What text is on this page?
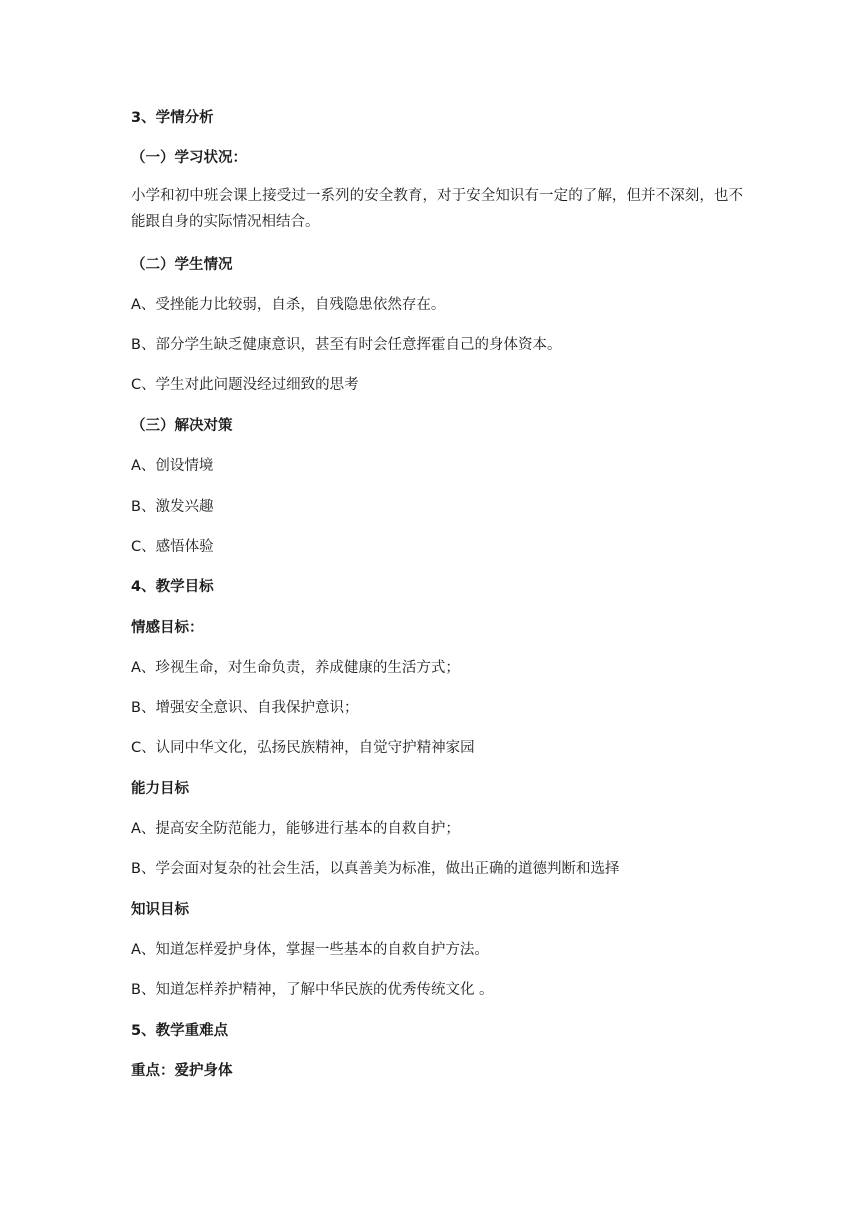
3、学情分析
（一）学习状况：
小学和初中班会课上接受过一系列的安全教育，对于安全知识有一定的了解，但并不深刻，也不能跟自身的实际情况相结合。
（二）学生情况
A、受挫能力比较弱，自杀，自残隐患依然存在。
B、部分学生缺乏健康意识，甚至有时会任意挥霍自己的身体资本。
C、学生对此问题没经过细致的思考
（三）解决对策
A、创设情境
B、激发兴趣
C、感悟体验
4、教学目标
情感目标：
A、珍视生命，对生命负责，养成健康的生活方式；
B、增强安全意识、自我保护意识；
C、认同中华文化，弘扬民族精神，自觉守护精神家园
能力目标
A、提高安全防范能力，能够进行基本的自救自护；
B、学会面对复杂的社会生活，以真善美为标准，做出正确的道德判断和选择
知识目标
A、知道怎样爱护身体，掌握一些基本的自救自护方法。
B、知道怎样养护精神，了解中华民族的优秀传统文化 。
5、教学重难点
重点：爱护身体
